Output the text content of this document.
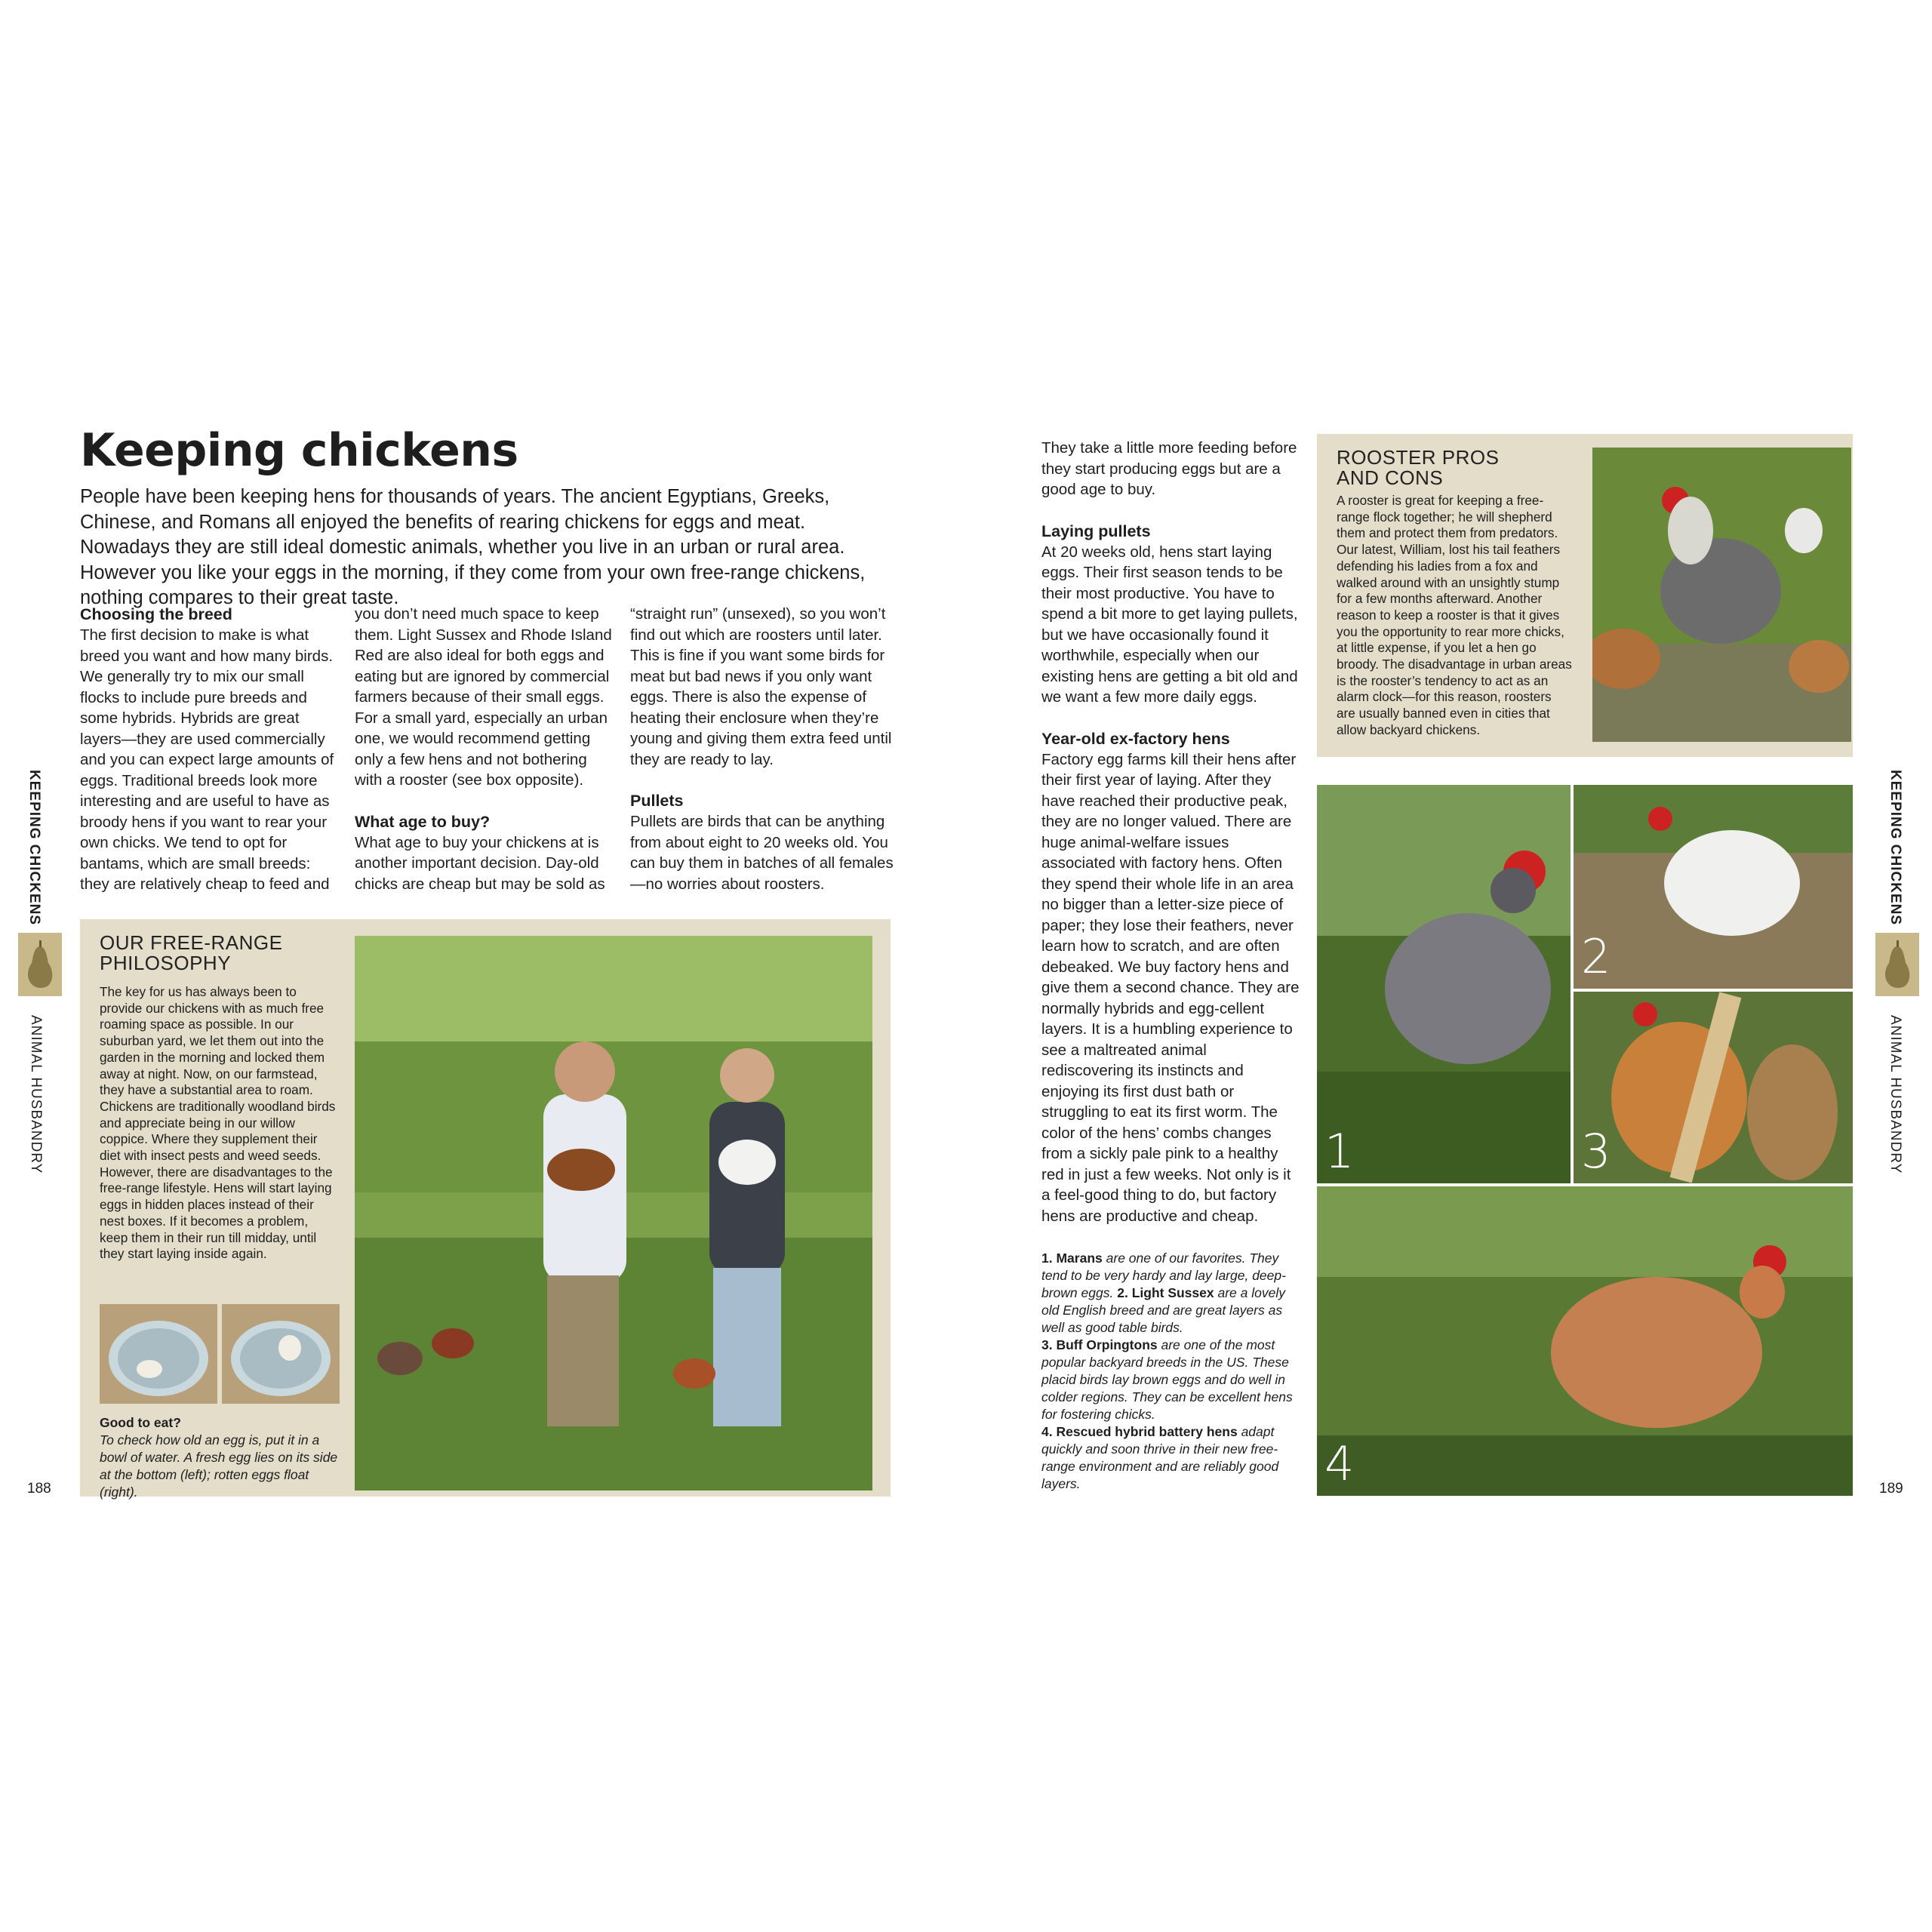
Keeping chickens
People have been keeping hens for thousands of years. The ancient Egyptians, Greeks, Chinese, and Romans all enjoyed the benefits of rearing chickens for eggs and meat. Nowadays they are still ideal domestic animals, whether you live in an urban or rural area. However you like your eggs in the morning, if they come from your own free-range chickens, nothing compares to their great taste.
Choosing the breed

The first decision to make is what breed you want and how many birds. We generally try to mix our small flocks to include pure breeds and some hybrids. Hybrids are great layers—they are used commercially and you can expect large amounts of eggs. Traditional breeds look more interesting and are useful to have as broody hens if you want to rear your own chicks. We tend to opt for bantams, which are small breeds: they are relatively cheap to feed and

you don’t need much space to keep them. Light Sussex and Rhode Island Red are also ideal for both eggs and eating but are ignored by commercial farmers because of their small eggs. For a small yard, especially an urban one, we would recommend getting only a few hens and not bothering with a rooster (see box opposite).

What age to buy?

What age to buy your chickens at is another important decision. Day-old chicks are cheap but may be sold as

“straight run” (unsexed), so you won’t find out which are roosters until later. This is fine if you want some birds for meat but bad news if you only want eggs. There is also the expense of heating their enclosure when they’re young and giving them extra feed until they are ready to lay.

Pullets

Pullets are birds that can be anything from about eight to 20 weeks old. You can buy them in batches of all females—no worries about roosters.

OUR FREE-RANGE
PHILOSOPHY
The key for us has always been to provide our chickens with as much free roaming space as possible. In our suburban yard, we let them out into the garden in the morning and locked them away at night. Now, on our farmstead, they have a substantial area to roam. Chickens are traditionally woodland birds and appreciate being in our willow coppice. Where they supplement their diet with insect pests and weed seeds. However, there are disadvantages to the free-range lifestyle. Hens will start laying eggs in hidden places instead of their nest boxes. If it becomes a problem, keep them in their run till midday, until they start laying inside again.
Good to eat?
To check how old an egg is, put it in a bowl of water. A fresh egg lies on its side at the bottom (left); rotten eggs float (right).
KEEPING CHICKENS
ANIMAL HUSBANDRY
188

They take a little more feeding before they start producing eggs but are a good age to buy.

Laying pullets

At 20 weeks old, hens start laying eggs. Their first season tends to be their most productive. You have to spend a bit more to get laying pullets, but we have occasionally found it worthwhile, especially when our existing hens are getting a bit old and we want a few more daily eggs.

Year-old ex-factory hens

Factory egg farms kill their hens after their first year of laying. After they have reached their productive peak, they are no longer valued. There are huge animal-welfare issues associated with factory hens. Often they spend their whole life in an area no bigger than a letter-size piece of paper; they lose their feathers, never learn how to scratch, and are often debeaked. We buy factory hens and give them a second chance. They are normally hybrids and egg-cellent layers. It is a humbling experience to see a maltreated animal rediscovering its instincts and enjoying its first dust bath or struggling to eat its first worm. The color of the hens’ combs changes from a sickly pale pink to a healthy red in just a few weeks. Not only is it a feel-good thing to do, but factory hens are productive and cheap.

1. Marans are one of our favorites. They tend to be very hardy and lay large, deep-brown eggs. 2. Light Sussex are a lovely old English breed and are great layers as well as good table birds.
3. Buff Orpingtons are one of the most popular backyard breeds in the US. These placid birds lay brown eggs and do well in colder regions. They can be excellent hens for fostering chicks.
4. Rescued hybrid battery hens adapt quickly and soon thrive in their new free-range environment and are reliably good layers.
ROOSTER PROS
AND CONS
A rooster is great for keeping a free-range flock together; he will shepherd them and protect them from predators. Our latest, William, lost his tail feathers defending his ladies from a fox and walked around with an unsightly stump for a few months afterward. Another reason to keep a rooster is that it gives you the opportunity to rear more chicks, at little expense, if you let a hen go broody. The disadvantage in urban areas is the rooster’s tendency to act as an alarm clock—for this reason, roosters are usually banned even in cities that allow backyard chickens.
1
2
3
4
KEEPING CHICKENS
ANIMAL HUSBANDRY
189
